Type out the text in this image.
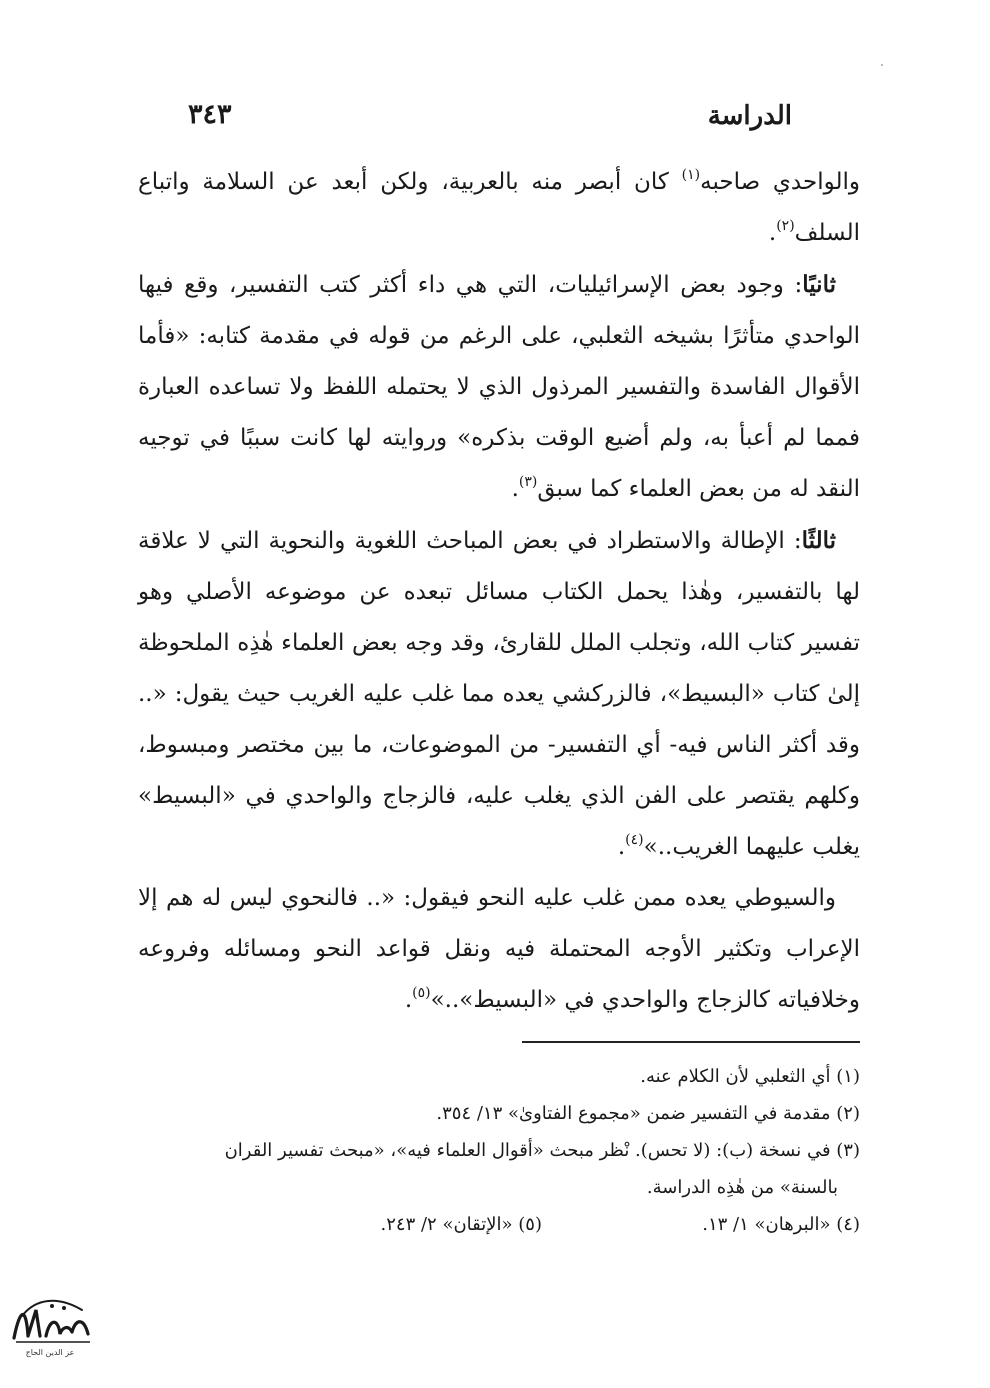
الدراسة
٣٤٣

والواحدي صاحبه$^{(١)}$ كان أبصر منه بالعربية، ولكن أبعد عن السلامة واتباع السلف$^{(٢)}$.

ثانيًا: وجود بعض الإسرائيليات، التي هي داء أكثر كتب التفسير، وقع فيها الواحدي متأثرًا بشيخه الثعلبي، على الرغم من قوله في مقدمة كتابه: «فأما الأقوال الفاسدة والتفسير المرذول الذي لا يحتمله اللفظ ولا تساعده العبارة فمما لم أعبأ به، ولم أضيع الوقت بذكره» وروايته لها كانت سببًا في توجيه النقد له من بعض العلماء كما سبق$^{(٣)}$.

ثالثًا: الإطالة والاستطراد في بعض المباحث اللغوية والنحوية التي لا علاقة لها بالتفسير، وهٰذا يحمل الكتاب مسائل تبعده عن موضوعه الأصلي وهو تفسير كتاب الله، وتجلب الملل للقارئ، وقد وجه بعض العلماء هٰذِه الملحوظة إلىٰ كتاب «البسيط»، فالزركشي يعده مما غلب عليه الغريب حيث يقول: «.. وقد أكثر الناس فيه- أي التفسير- من الموضوعات، ما بين مختصر ومبسوط، وكلهم يقتصر على الفن الذي يغلب عليه، فالزجاج والواحدي في «البسيط» يغلب عليهما الغريب..»$^{(٤)}$.

والسيوطي يعده ممن غلب عليه النحو فيقول: «.. فالنحوي ليس له هم إلا الإعراب وتكثير الأوجه المحتملة فيه ونقل قواعد النحو ومسائله وفروعه وخلافياته كالزجاج والواحدي في «البسيط»..»$^{(٥)}$.

(١) أي الثعلبي لأن الكلام عنه.

(٢) مقدمة في التفسير ضمن «مجموع الفتاوىٰ» ١٣/ ٣٥٤.

(٣) في نسخة (ب): (لا تحس). نْظر مبحث «أقوال العلماء فيه»، «مبحث تفسير القران

بالسنة» من هٰذِه الدراسة.

(٤) «البرهان» ١/ ١٣.
(٥) «الإتقان» ٢/ ٢٤٣.
عز الدين الحاج
